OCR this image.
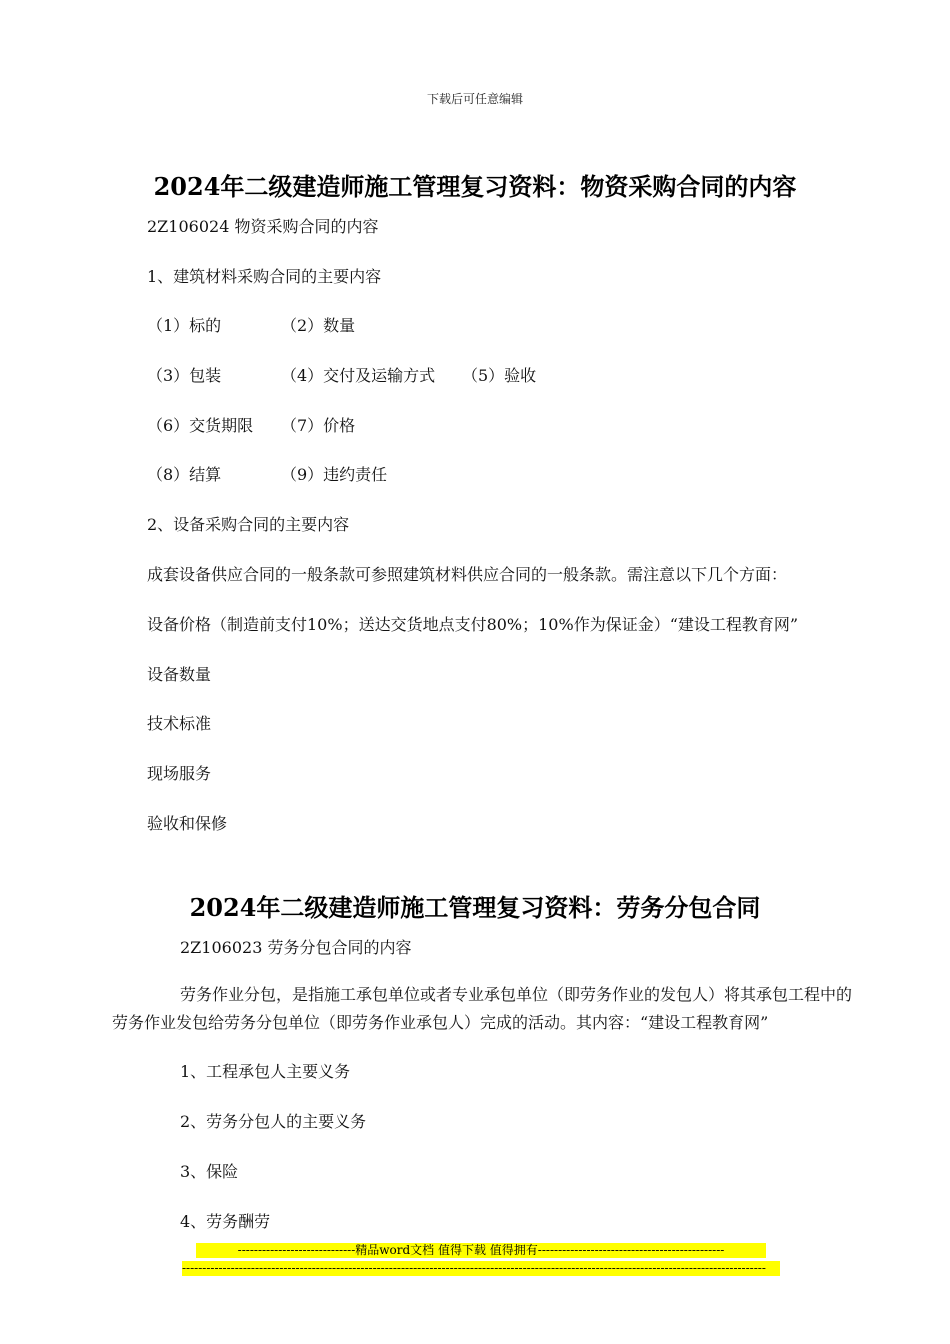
下载后可任意编辑
2024年二级建造师施工管理复习资料：物资采购合同的内容
2Z106024 物资采购合同的内容
1、建筑材料采购合同的主要内容
（1）标的	（2）数量
（3）包装	（4）交付及运输方式 （5）验收
（6）交货期限 （7）价格
（8）结算	（9）违约责任
2、设备采购合同的主要内容
成套设备供应合同的一般条款可参照建筑材料供应合同的一般条款。需注意以下几个方面：
设备价格（制造前支付10%；送达交货地点支付80%；10%作为保证金）“建设工程教育网”
设备数量
技术标准
现场服务
验收和保修
2024年二级建造师施工管理复习资料：劳务分包合同
2Z106023 劳务分包合同的内容
劳务作业分包，是指施工承包单位或者专业承包单位（即劳务作业的发包人）将其承包工程中的劳务作业发包给劳务分包单位（即劳务作业承包人）完成的活动。其内容：“建设工程教育网”
1、工程承包人主要义务
2、劳务分包人的主要义务
3、保险
4、劳务酬劳
-----------------------------精品word文档 值得下载 值得拥有----------------------------------------------
------------------------------------------------------------------------------------------------------------------------------------------------
